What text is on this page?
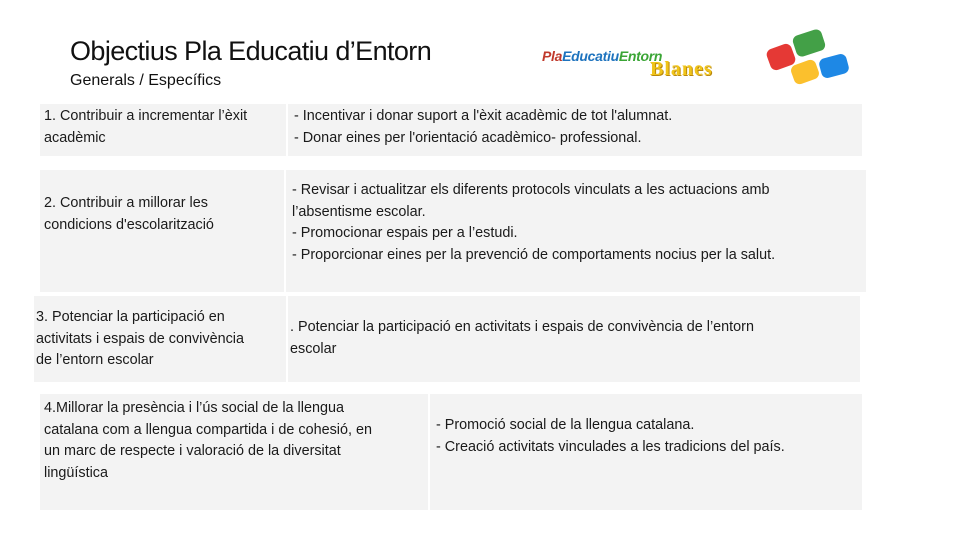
Objectius Pla Educatiu d’Entorn
Generals / Específics
PlaEducatiuEntorn
Blanes
1. Contribuir a incrementar l’èxit
acadèmic
- Incentivar i donar suport a l'èxit acadèmic de tot l'alumnat.
- Donar eines per l'orientació acadèmico- professional.
2. Contribuir a millorar les
condicions d'escolarització
- Revisar i actualitzar els diferents protocols vinculats a les actuacions amb
l’absentisme escolar.
- Promocionar espais per a l’estudi.
- Proporcionar eines per la prevenció de comportaments nocius per la salut.
3. Potenciar la participació en
activitats i espais de convivència
de l’entorn escolar
. Potenciar la participació en activitats i espais de convivència de l’entorn
escolar
4.Millorar la presència i l’ús social de la llengua
catalana com a llengua compartida i de cohesió, en
un marc de respecte i valoració de la diversitat
lingüística
- Promoció social de la llengua catalana.
- Creació activitats vinculades a les tradicions del país.
